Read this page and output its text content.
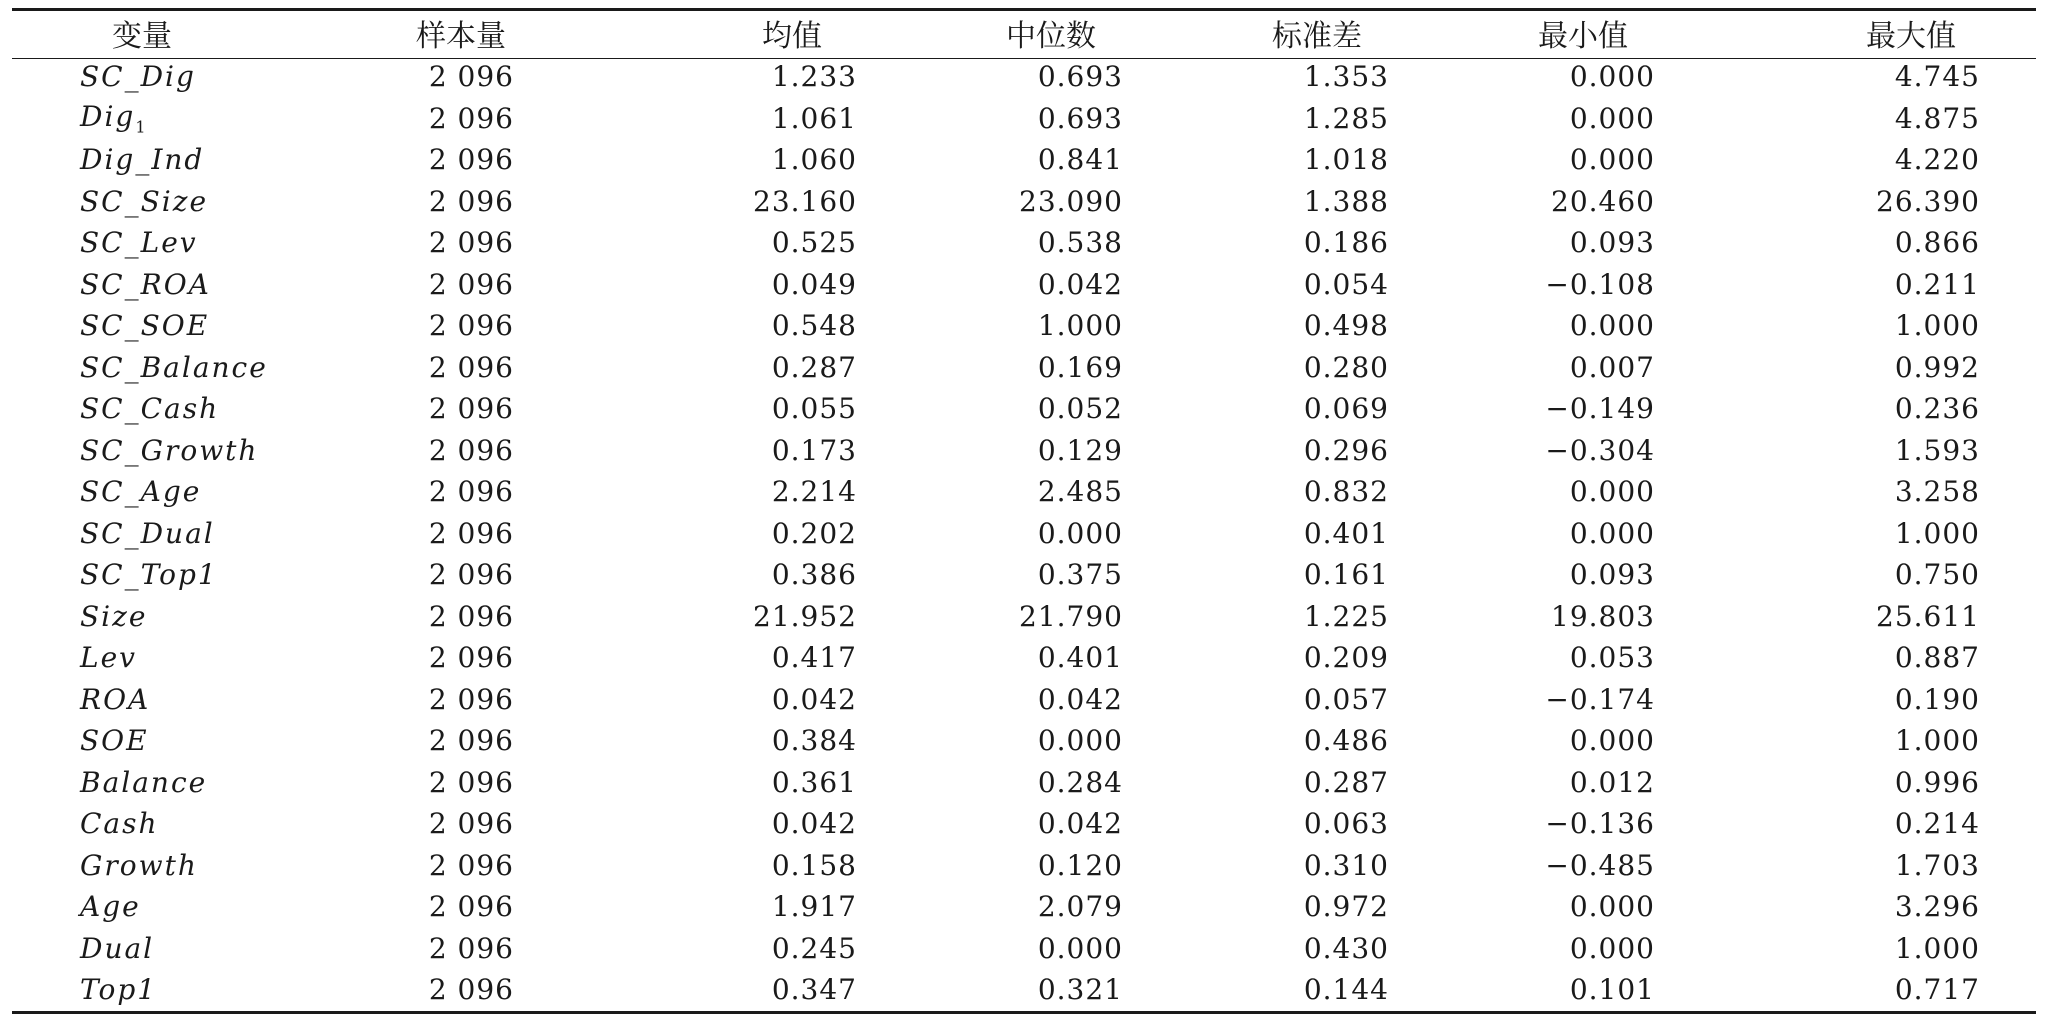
变量	样本量	均值	中位数	标准差	最小值	最大值
SC_Dig	2 096	1.233	0.693	1.353	0.000	4.745
Dig$_1$	2 096	1.061	0.693	1.285	0.000	4.875
Dig_Ind	2 096	1.060	0.841	1.018	0.000	4.220
SC_Size	2 096	23.160	23.090	1.388	20.460	26.390
SC_Lev	2 096	0.525	0.538	0.186	0.093	0.866
SC_ROA	2 096	0.049	0.042	0.054	−0.108	0.211
SC_SOE	2 096	0.548	1.000	0.498	0.000	1.000
SC_Balance	2 096	0.287	0.169	0.280	0.007	0.992
SC_Cash	2 096	0.055	0.052	0.069	−0.149	0.236
SC_Growth	2 096	0.173	0.129	0.296	−0.304	1.593
SC_Age	2 096	2.214	2.485	0.832	0.000	3.258
SC_Dual	2 096	0.202	0.000	0.401	0.000	1.000
SC_Top1	2 096	0.386	0.375	0.161	0.093	0.750
Size	2 096	21.952	21.790	1.225	19.803	25.611
Lev	2 096	0.417	0.401	0.209	0.053	0.887
ROA	2 096	0.042	0.042	0.057	−0.174	0.190
SOE	2 096	0.384	0.000	0.486	0.000	1.000
Balance	2 096	0.361	0.284	0.287	0.012	0.996
Cash	2 096	0.042	0.042	0.063	−0.136	0.214
Growth	2 096	0.158	0.120	0.310	−0.485	1.703
Age	2 096	1.917	2.079	0.972	0.000	3.296
Dual	2 096	0.245	0.000	0.430	0.000	1.000
Top1	2 096	0.347	0.321	0.144	0.101	0.717
